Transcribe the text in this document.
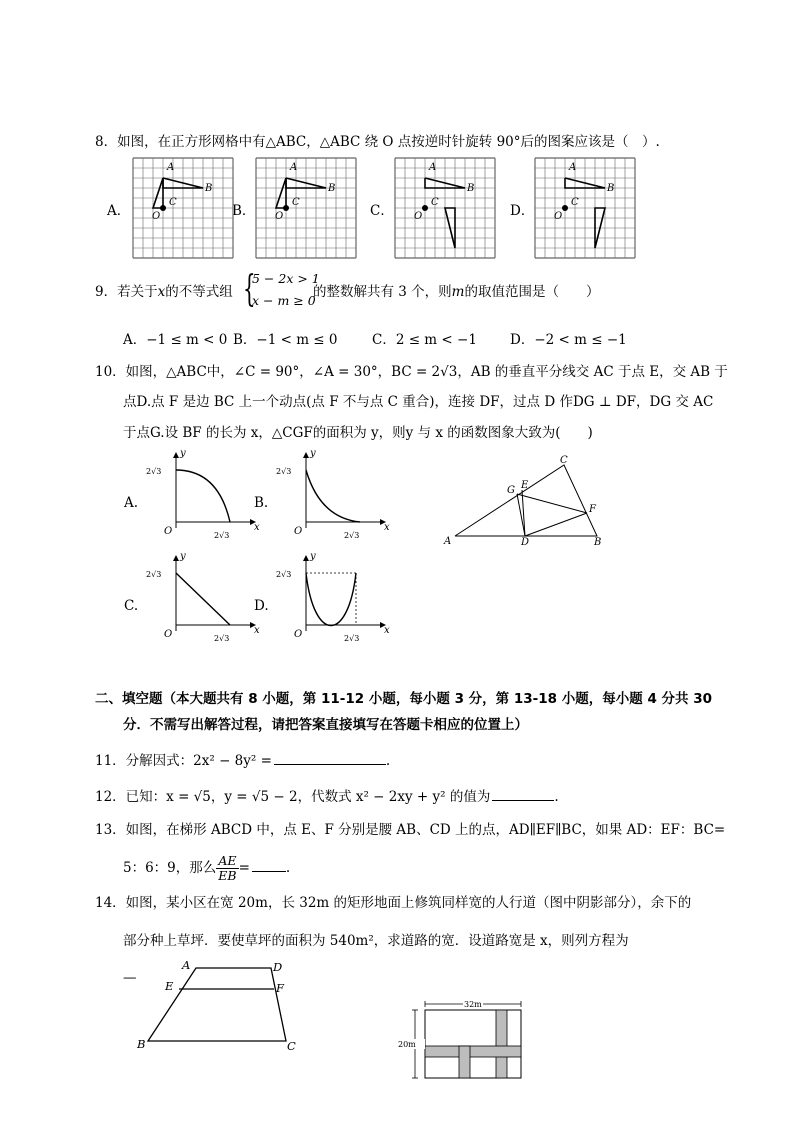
8．如图，在正方形网格中有△ABC，△ABC 绕 O 点按逆时针旋转 90°后的图案应该是（　）.
A．	B．	C．	D．
A
B
C
O
A
B
C
O
A
B
C
O
A
B
C
O
9．若关于x的不等式组 {
5 − 2x > 1
x − m ≥ 0
的整数解共有 3 个，则m的取值范围是（　　）
A．−1 ≤ m < 0 B．−1 < m ≤ 0	C．2 ≤ m < −1 D．−2 < m ≤ −1
10．如图，△ABC中，∠C = 90°，∠A = 30°，BC = 2√3，AB 的垂直平分线交 AC 于点 E，交 AB 于
点D.点 F 是边 BC 上一个动点(点 F 不与点 C 重合)，连接 DF，过点 D 作DG ⊥ DF，DG 交 AC
于点G.设 BF 的长为 x，△CGF的面积为 y，则y 与 x 的函数图象大致为(　　)
A.	B.
C.	D.
y
x
O
2√3
2√3
y
x
O
2√3
2√3
y
x
O
2√3
2√3
y
x
O
2√3
2√3
A	B
C
D
E
F
G
二、填空题（本大题共有 8 小题，第 11-12 小题，每小题 3 分，第 13-18 小题，每小题 4 分共 30
分．不需写出解答过程，请把答案直接填写在答题卡相应的位置上）
11．分解因式：2x² − 8y² =	.
12．已知：x = √5，y = √5 − 2，代数式 x² − 2xy + y² 的值为	.
13．如图，在梯形 ABCD 中，点 E、F 分别是腰 AB、CD 上的点，AD∥EF∥BC，如果 AD：EF：BC=
5：6：9，那么 $\frac{AE}{EB}$ =	.
14．如图，某小区在宽 20m，长 32m 的矩形地面上修筑同样宽的人行道（图中阴影部分），余下的
部分种上草坪．要使草坪的面积为 540m²，求道路的宽．设道路宽是 x，则列方程为
—
A	D
E	F
B	C
32m
20m
